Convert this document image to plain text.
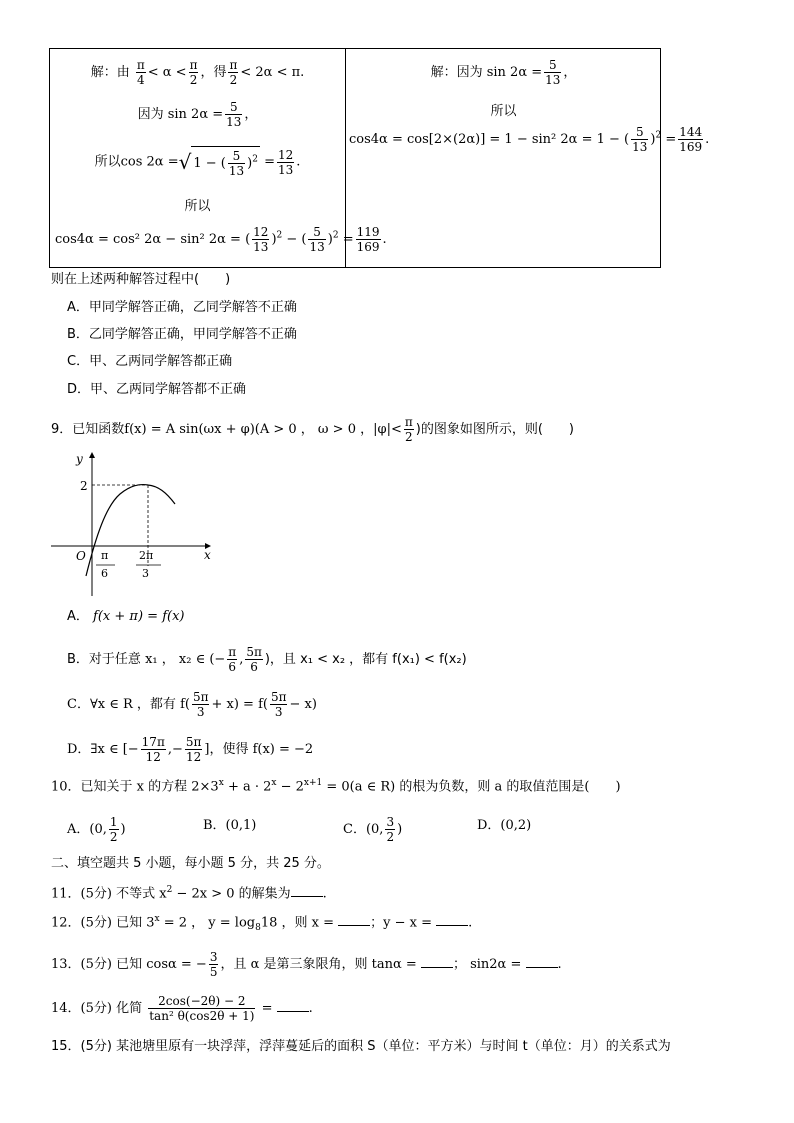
解：由 $\frac{\pi}{4} < \alpha < \frac{\pi}{2}$ ，得 $\frac{\pi}{2} < 2\alpha < \pi$.
因为 $\sin 2\alpha = \frac{5}{13}$ ，
所以cos 2α =√ 1 − ( $\frac{5}{13} )^2 = \frac{12}{13}$ .
所以
cos4α = cos² 2α − sin² 2α = ( $\frac{12}{13} )^2$ − ( $\frac{5}{13} )^2 = \frac{119}{169}$ .
解：因为 $\sin 2\alpha = \frac{5}{13}$ ，
所以
cos4α = cos[2×(2α)] = 1 − sin² 2α = 1 − ( $\frac{5}{13} )^2 = \frac{144}{169}$ .
则在上述两种解答过程中(　　)
A．甲同学解答正确，乙同学解答不正确
B．乙同学解答正确，甲同学解答不正确
C．甲、乙两同学解答都正确
D．甲、乙两同学解答都不正确
9．已知函数f(x) = A sin(ωx + φ)(A > 0 ， ω > 0 ，$|\varphi|< \frac{\pi}{2}$ )的图象如图所示，则(　　)
y
x
O
2
π
6
2π
3
A． f(x + π) = f(x)
B．对于任意 x₁ ， x₂ ∈ (− $\frac{\pi}{6}$ , $\frac{5\pi}{6}$ )，且 x₁ < x₂ ，都有 f(x₁) < f(x₂)
C．∀x ∈ R ，都有 $f( \frac{5\pi}{3} + x) = f( \frac{5\pi}{3} - x)$
D．∃x ∈ [− $\frac{17\pi}{12}$ ,− $\frac{5\pi}{12}$ ]，使得 f(x) = −2
10．已知关于 x 的方程 $2\times 3^x + a \cdot 2^x - 2^{x+1} = 0(a$ ∈ R) 的根为负数，则 a 的取值范围是(　　)
A．(0, $\frac{1}{2}$ )	B．(0,1)	C．(0, $\frac{3}{2}$ )	D．(0,2)
二、填空题共 5 小题，每小题 5 分，共 25 分。
11．(5分) 不等式 $x^2 - 2x > 0$ 的解集为 .
12．(5分) 已知 $3^x = 2$ ， $y = \log_818$ ，则 x =	；y − x =	.
13．(5分) 已知 cosα = − $\frac{3}{5}$ ，且 α 是第三象限角，则 tanα =	； sin2α =	.
14．(5分) 化简 $\frac{2\cos(-2\theta) - 2}{\text{tan² θ(cos2θ + 1)}}$ =	.
15．(5分) 某池塘里原有一块浮萍，浮萍蔓延后的面积 S（单位：平方米）与时间 t（单位：月）的关系式为
